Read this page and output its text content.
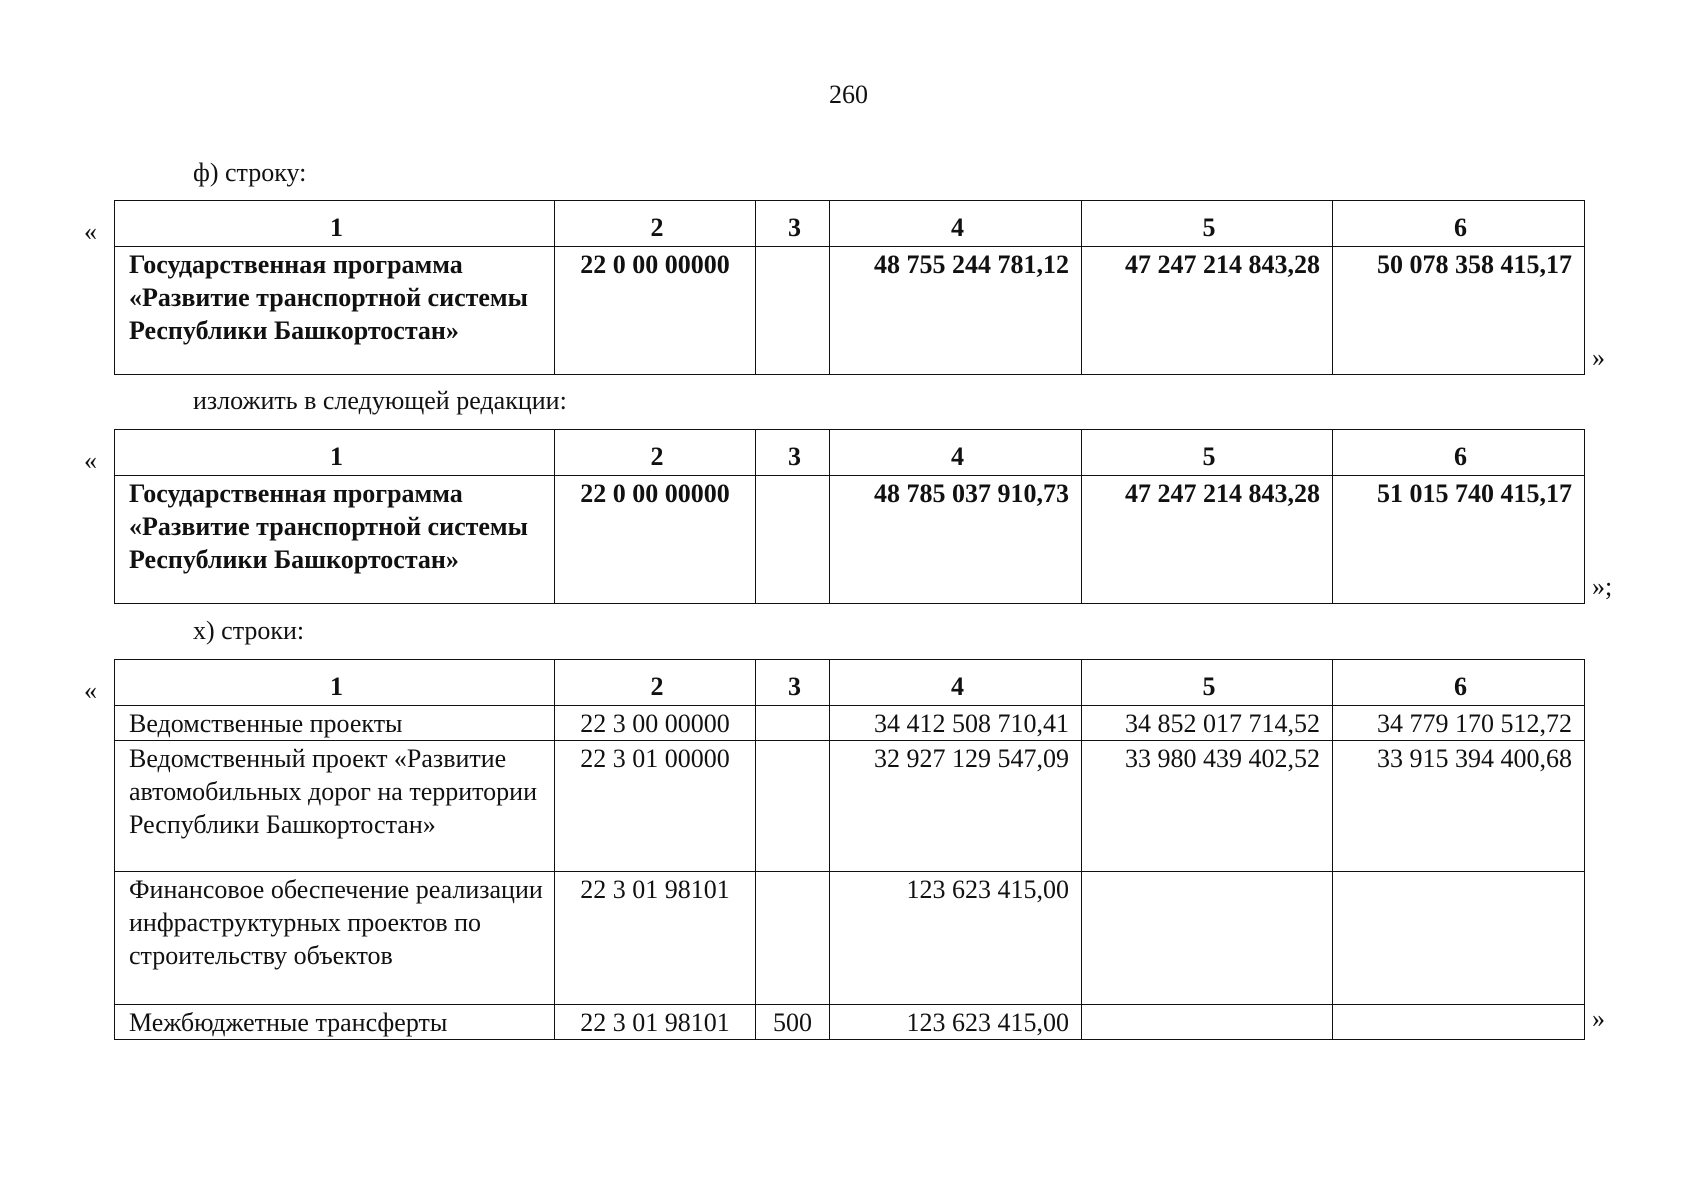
260
ф) строку:
«	1	2	3	4	5	6
Государственная программа «Развитие транспортной системы Республики Башкортостан»	22 0 00 00000		48 755 244 781,12	47 247 214 843,28	50 078 358 415,17
»
изложить в следующей редакции:
«	1	2	3	4	5	6
Государственная программа «Развитие транспортной системы Республики Башкортостан»	22 0 00 00000		48 785 037 910,73	47 247 214 843,28	51 015 740 415,17
»;
х) строки:
«	1	2	3	4	5	6
Ведомственные проекты	22 3 00 00000		34 412 508 710,41	34 852 017 714,52	34 779 170 512,72
Ведомственный проект «Развитие автомобильных дорог на территории Республики Башкортостан»	22 3 01 00000		32 927 129 547,09	33 980 439 402,52	33 915 394 400,68
Финансовое обеспечение реализации инфраструктурных проектов по строительству объектов	22 3 01 98101		123 623 415,00		
Межбюджетные трансферты	22 3 01 98101	500	123 623 415,00			»
